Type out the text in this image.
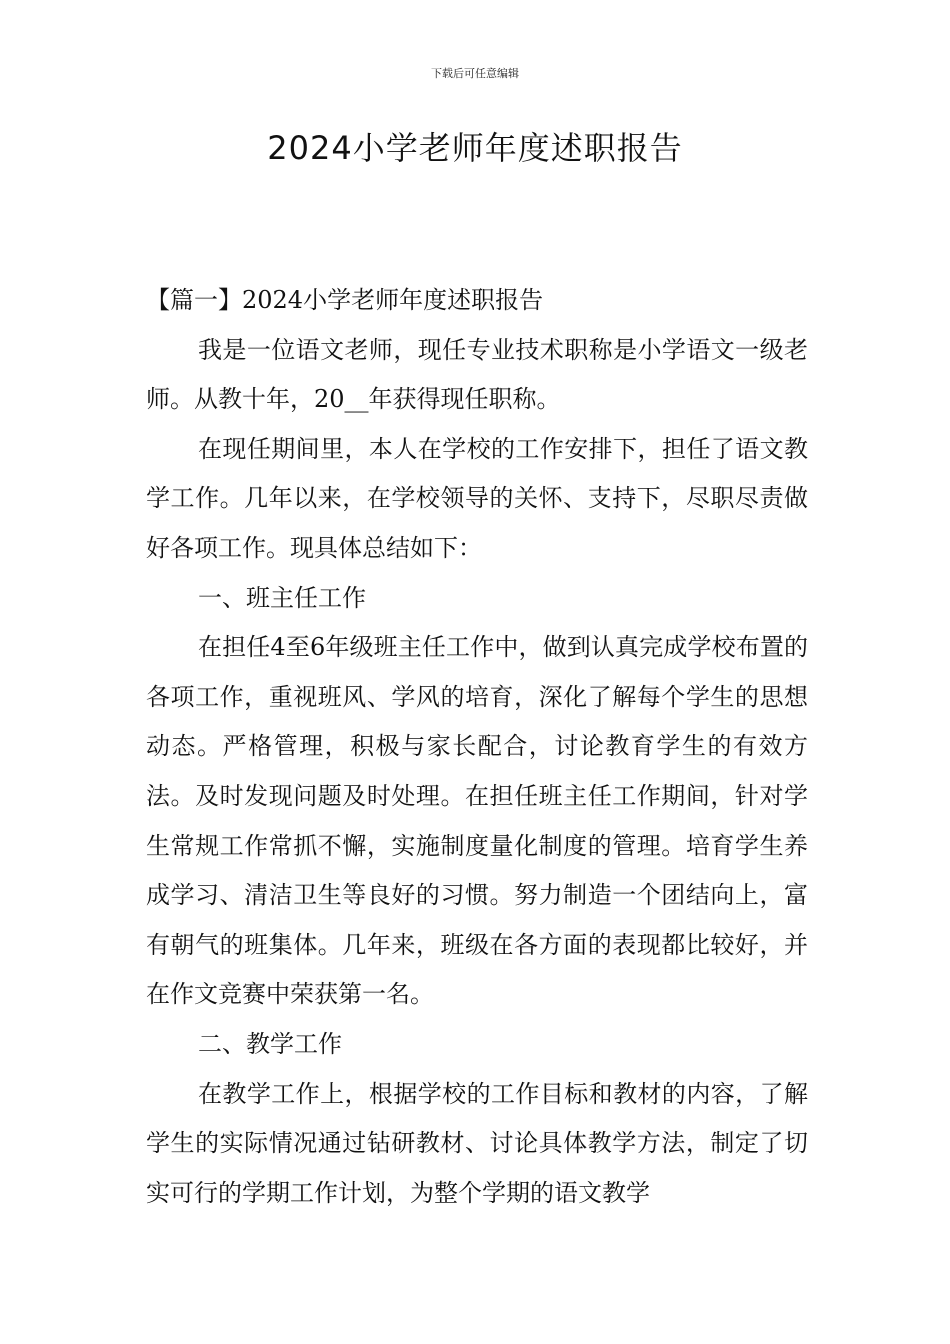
下载后可任意编辑
2024小学老师年度述职报告

【篇一】2024小学老师年度述职报告

我是一位语文老师，现任专业技术职称是小学语文一级老师。从教十年，20__年获得现任职称。

在现任期间里，本人在学校的工作安排下，担任了语文教学工作。几年以来，在学校领导的关怀、支持下，尽职尽责做好各项工作。现具体总结如下：

一、班主任工作

在担任4至6年级班主任工作中，做到认真完成学校布置的各项工作，重视班风、学风的培育，深化了解每个学生的思想动态。严格管理，积极与家长配合，讨论教育学生的有效方法。及时发现问题及时处理。在担任班主任工作期间，针对学生常规工作常抓不懈，实施制度量化制度的管理。培育学生养成学习、清洁卫生等良好的习惯。努力制造一个团结向上，富有朝气的班集体。几年来，班级在各方面的表现都比较好，并在作文竞赛中荣获第一名。

二、教学工作

在教学工作上，根据学校的工作目标和教材的内容，了解学生的实际情况通过钻研教材、讨论具体教学方法，制定了切实可行的学期工作计划，为整个学期的语文教学
